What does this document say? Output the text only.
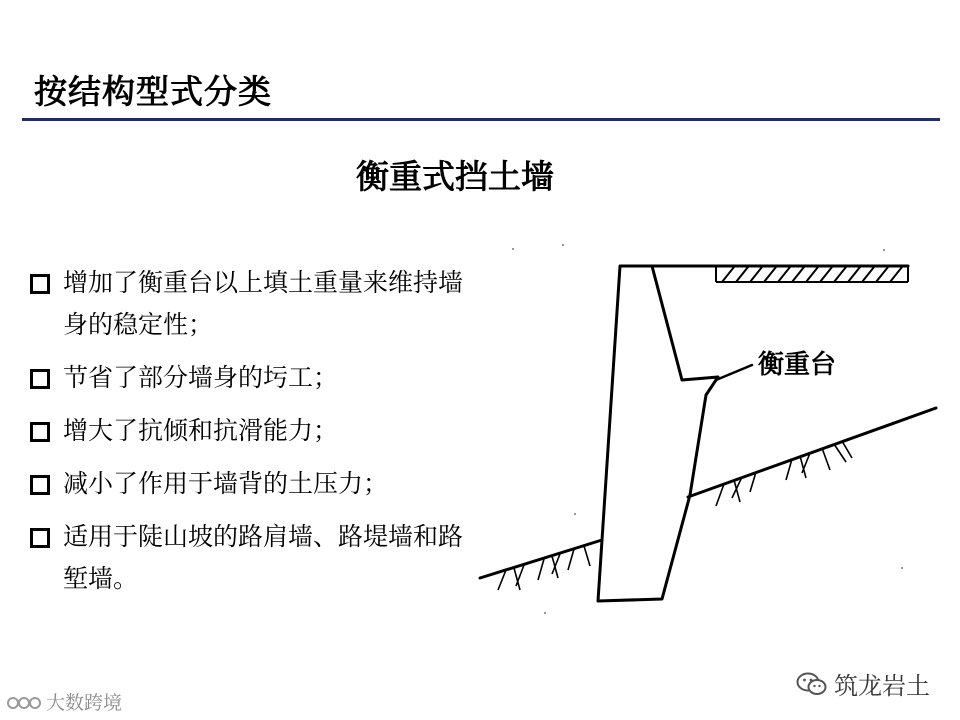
按结构型式分类
衡重式挡土墙
增加了衡重台以上填土重量来维持墙身的稳定性；
节省了部分墙身的圬工；
增大了抗倾和抗滑能力；
减小了作用于墙背的土压力；
适用于陡山坡的路肩墙、路堤墙和路堑墙。
衡重台
筑龙岩土
大数跨境
